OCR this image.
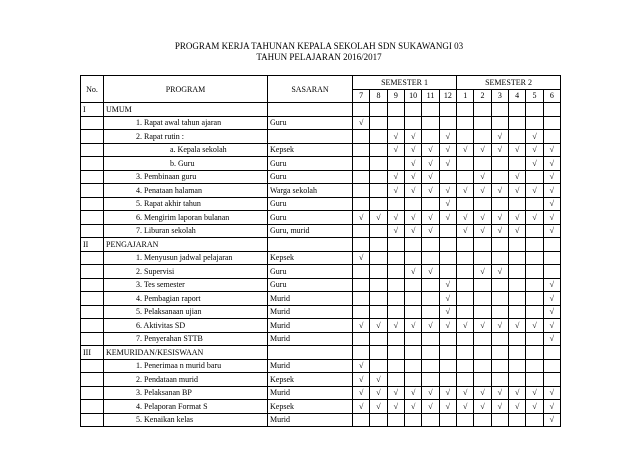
PROGRAM KERJA TAHUNAN KEPALA SEKOLAH SDN SUKAWANGI 03
TAHUN PELAJARAN 2016/2017
No.	PROGRAM	SASARAN	SEMESTER 1						SEMESTER 2					
			7	8	9	10	11	12	1	2	3	4	5	6
I	UMUM													
	1. Rapat awal tahun ajaran	Guru	√											
	2. Rapat rutin :				√	√		√			√		√	
	a. Kepala sekolah	Kepsek			√	√	√	√	√	√	√	√	√	√
	b. Guru	Guru				√	√	√					√	√
	3. Pembinaan guru	Guru			√	√	√			√		√		√
	4. Penataan halaman	Warga sekolah			√	√	√	√	√	√	√	√	√	√
	5. Rapat akhir tahun	Guru						√						√
	6. Mengirim laporan bulanan	Guru	√	√	√	√	√	√	√	√	√	√	√	√
	7. Liburan sekolah	Guru, murid			√	√	√		√	√	√	√		√
II	PENGAJARAN													
	1. Menyusun jadwal pelajaran	Kepsek	√											
	2. Supervisi	Guru				√	√			√	√			
	3. Tes semester	Guru						√						√
	4. Pembagian raport	Murid						√						√
	5. Pelaksanaan ujian	Murid						√						√
	6. Aktivitas SD	Murid	√	√	√	√	√	√	√	√	√	√	√	√
	7. Penyerahan STTB	Murid												√
III	KEMURIDAN/KESISWAAN													
	1. Penerimaa n murid baru	Murid	√											
	2. Pendataan murid	Kepsek	√	√										
	3. Pelaksanan BP	Murid	√	√	√	√	√	√	√	√	√	√	√	√
	4. Pelaporan Format S	Kepsek	√	√	√	√	√	√	√	√	√	√	√	√
	5. Kenaikan kelas	Murid												√
